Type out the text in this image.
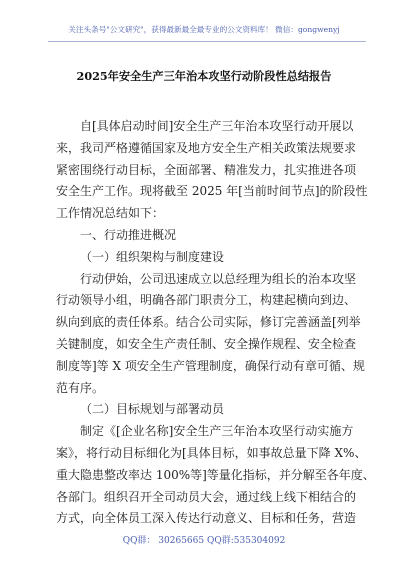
关注头条号"公文研究"，获得最新最全最专业的公文资料库！ 微信：gongwenyj
2025年安全生产三年治本攻坚行动阶段性总结报告
自[具体启动时间]安全生产三年治本攻坚行动开展以
来，我司严格遵循国家及地方安全生产相关政策法规要求
紧密围绕行动目标，全面部署、精准发力，扎实推进各项
安全生产工作。现将截至 2025 年[当前时间节点]的阶段性
工作情况总结如下：
一、行动推进概况
（一）组织架构与制度建设
行动伊始，公司迅速成立以总经理为组长的治本攻坚
行动领导小组，明确各部门职责分工，构建起横向到边、
纵向到底的责任体系。结合公司实际，修订完善涵盖[列举
关键制度，如安全生产责任制、安全操作规程、安全检查
制度等]等 X 项安全生产管理制度，确保行动有章可循、规
范有序。
（二）目标规划与部署动员
制定《[企业名称]安全生产三年治本攻坚行动实施方
案》，将行动目标细化为[具体目标，如事故总量下降 X%、
重大隐患整改率达 100%等]等量化指标，并分解至各年度、
各部门。组织召开全司动员大会，通过线上线下相结合的
方式，向全体员工深入传达行动意义、目标和任务，营造
QQ群： 30265665 QQ群:535304092
